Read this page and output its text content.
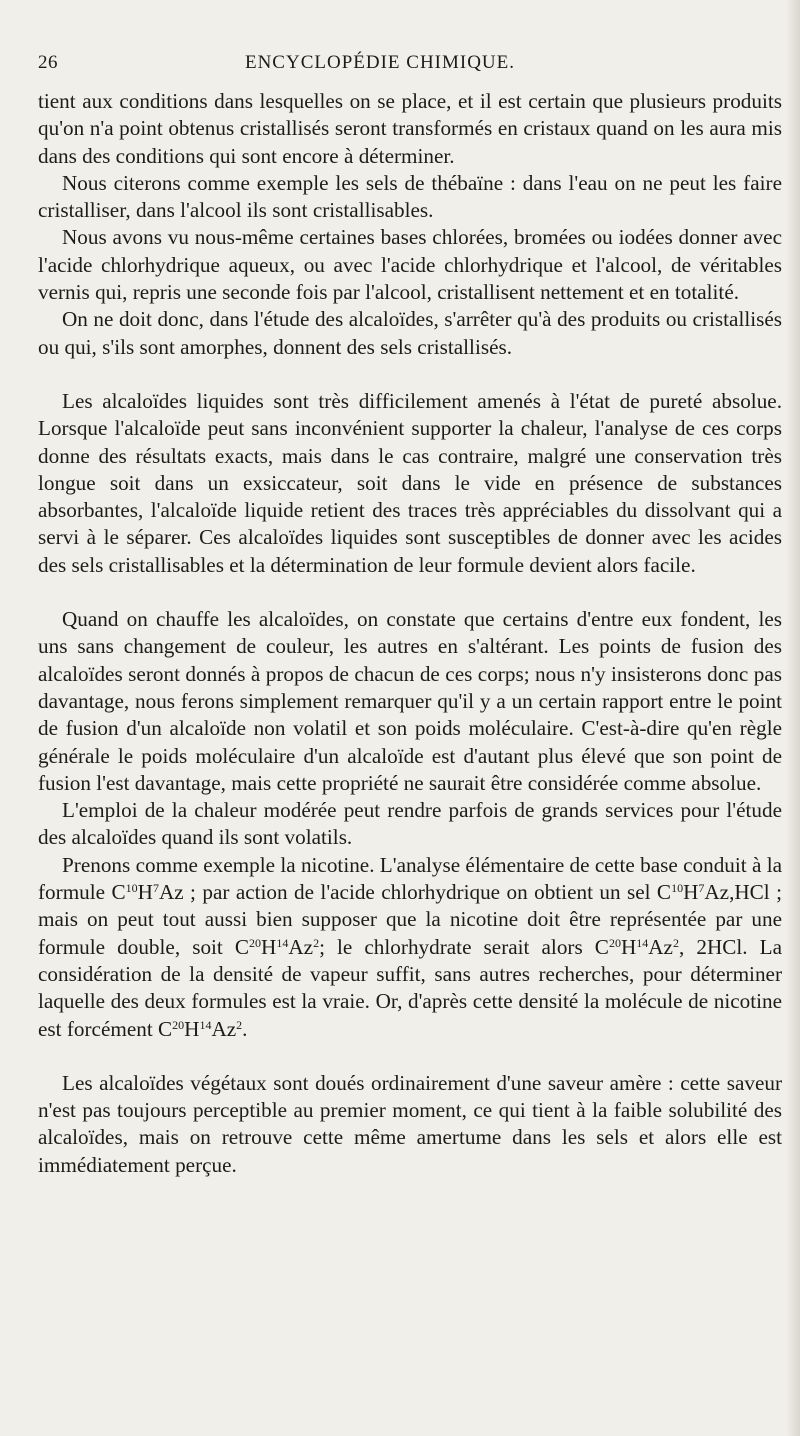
26	ENCYCLOPÉDIE CHIMIQUE.

tient aux conditions dans lesquelles on se place, et il est certain que plusieurs produits qu'on n'a point obtenus cristallisés seront transformés en cristaux quand on les aura mis dans des conditions qui sont encore à déterminer.

Nous citerons comme exemple les sels de thébaïne : dans l'eau on ne peut les faire cristalliser, dans l'alcool ils sont cristallisables.

Nous avons vu nous-même certaines bases chlorées, bromées ou iodées donner avec l'acide chlorhydrique aqueux, ou avec l'acide chlorhydrique et l'alcool, de véritables vernis qui, repris une seconde fois par l'alcool, cristallisent nettement et en totalité.

On ne doit donc, dans l'étude des alcaloïdes, s'arrêter qu'à des produits ou cristallisés ou qui, s'ils sont amorphes, donnent des sels cristallisés.

Les alcaloïdes liquides sont très difficilement amenés à l'état de pureté absolue. Lorsque l'alcaloïde peut sans inconvénient supporter la chaleur, l'analyse de ces corps donne des résultats exacts, mais dans le cas contraire, malgré une conservation très longue soit dans un exsiccateur, soit dans le vide en présence de substances absorbantes, l'alcaloïde liquide retient des traces très appréciables du dissolvant qui a servi à le séparer. Ces alcaloïdes liquides sont susceptibles de donner avec les acides des sels cristallisables et la détermination de leur formule devient alors facile.

Quand on chauffe les alcaloïdes, on constate que certains d'entre eux fondent, les uns sans changement de couleur, les autres en s'altérant. Les points de fusion des alcaloïdes seront donnés à propos de chacun de ces corps; nous n'y insisterons donc pas davantage, nous ferons simplement remarquer qu'il y a un certain rapport entre le point de fusion d'un alcaloïde non volatil et son poids moléculaire. C'est-à-dire qu'en règle générale le poids moléculaire d'un alcaloïde est d'autant plus élevé que son point de fusion l'est davantage, mais cette propriété ne saurait être considérée comme absolue.

L'emploi de la chaleur modérée peut rendre parfois de grands services pour l'étude des alcaloïdes quand ils sont volatils.

Prenons comme exemple la nicotine. L'analyse élémentaire de cette base conduit à la formule $C^{10}H^7Az$ ; par action de l'acide chlorhydrique on obtient un sel $C^{10}H^7Az,HCl$ ; mais on peut tout aussi bien supposer que la nicotine doit être représentée par une formule double, soit $C^{20}H^{14}Az^2$; le chlorhydrate serait alors $C^{20}H^{14}Az^2$, 2HCl. La considération de la densité de vapeur suffit, sans autres recherches, pour déterminer laquelle des deux formules est la vraie. Or, d'après cette densité la molécule de nicotine est forcément $C^{20}H^{14}Az^2$.

Les alcaloïdes végétaux sont doués ordinairement d'une saveur amère : cette saveur n'est pas toujours perceptible au premier moment, ce qui tient à la faible solubilité des alcaloïdes, mais on retrouve cette même amertume dans les sels et alors elle est immédiatement perçue.
